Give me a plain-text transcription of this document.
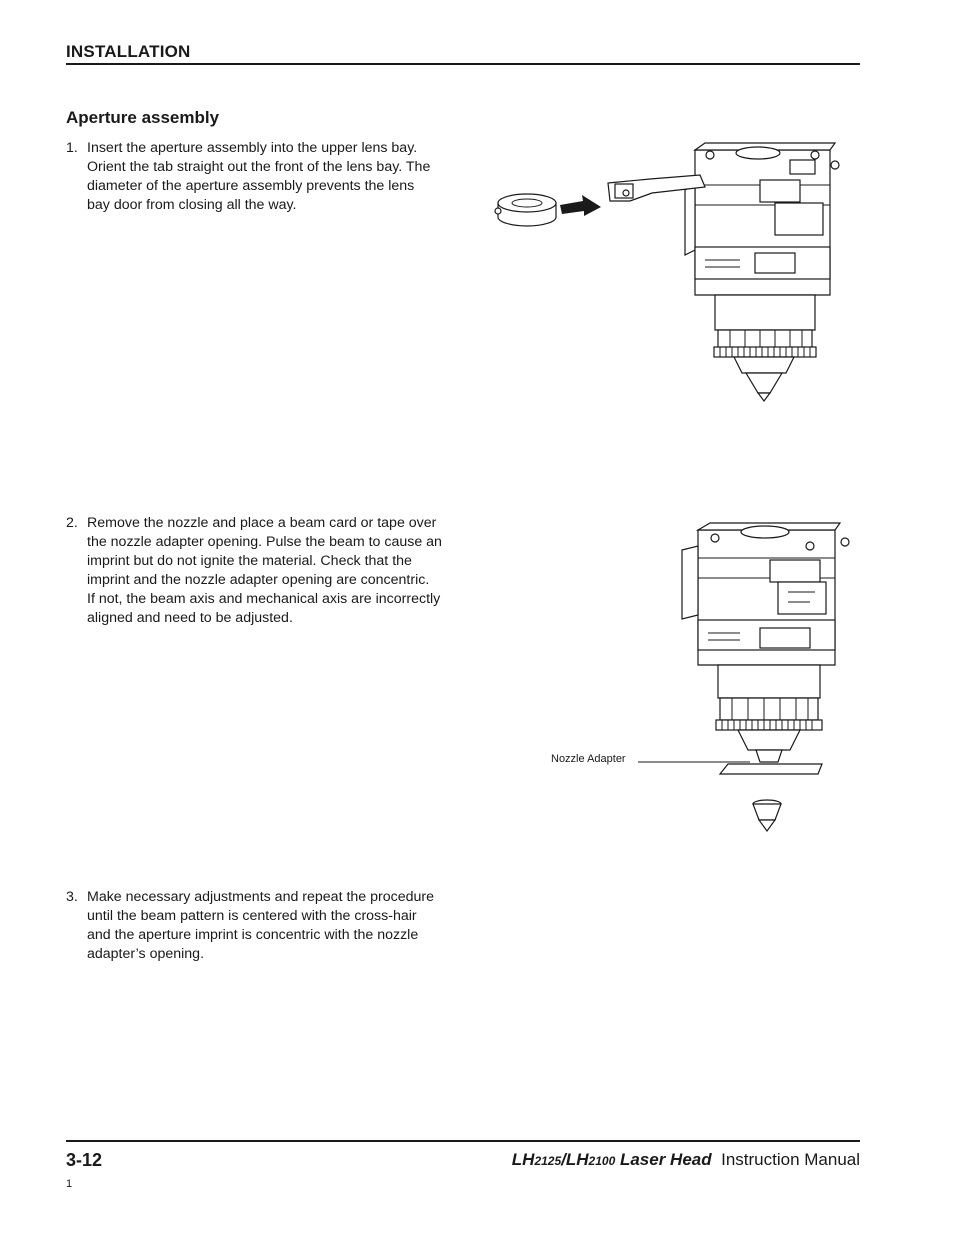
INSTALLATION
Aperture assembly
1. Insert the aperture assembly into the upper lens bay.
Orient the tab straight out the front of the lens bay. The
diameter of the aperture assembly prevents the lens
bay door from closing all the way.
2. Remove the nozzle and place a beam card or tape over
the nozzle adapter opening. Pulse the beam to cause an
imprint but do not ignite the material. Check that the
imprint and the nozzle adapter opening are concentric.
If not, the beam axis and mechanical axis are incorrectly
aligned and need to be adjusted.
3. Make necessary adjustments and repeat the procedure
until the beam pattern is centered with the cross-hair
and the aperture imprint is concentric with the nozzle
adapter’s opening.
Nozzle Adapter
3-12	LH2125/LH2100 Laser Head Instruction Manual
1
